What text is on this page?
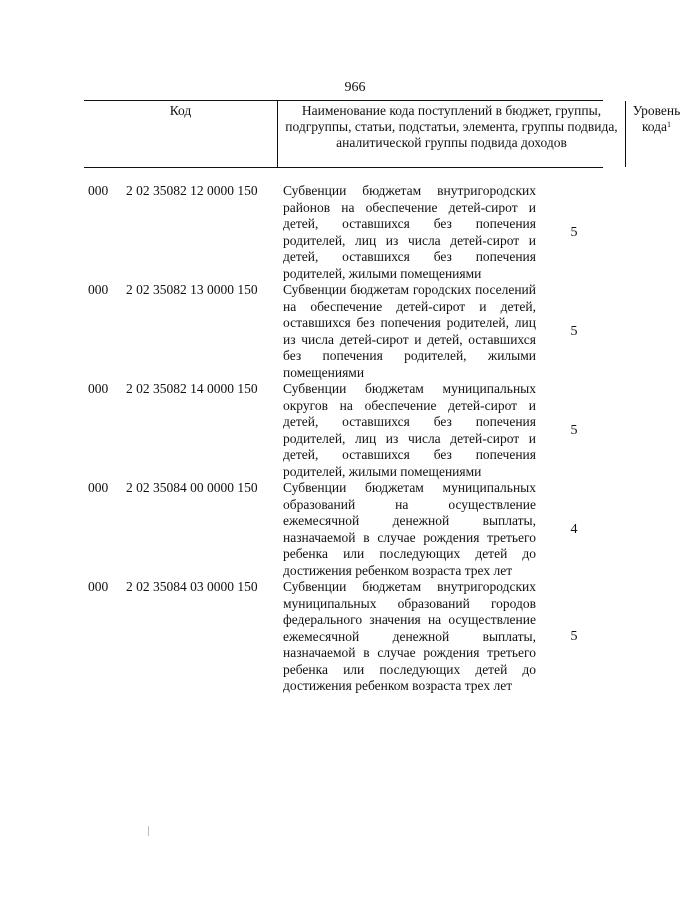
966
Код	Наименование кода поступлений в бюджет, группы, подгруппы, статьи, подстатьи, элемента, группы подвида, аналитической группы подвида доходов
Уровень кода$^1$
000 2 02 35082 12 0000 150 Субвенции бюджетам внутригородских районов на обеспечение детей-сирот и детей, оставшихся без попечения родителей, лиц из числа детей-сирот и детей, оставшихся без попечения родителей, жилыми помещениями
5
000 2 02 35082 13 0000 150 Субвенции бюджетам городских поселений на обеспечение детей-сирот и детей, оставшихся без попечения родителей, лиц из числа детей-сирот и детей, оставшихся без попечения родителей, жилыми помещениями
5
000 2 02 35082 14 0000 150 Субвенции бюджетам муниципальных округов на обеспечение детей-сирот и детей, оставшихся без попечения родителей, лиц из числа детей-сирот и детей, оставшихся без попечения родителей, жилыми помещениями
5
000 2 02 35084 00 0000 150 Субвенции бюджетам муниципальных образований на осуществление ежемесячной денежной выплаты, назначаемой в случае рождения третьего ребенка или последующих детей до достижения ребенком возраста трех лет
4
000 2 02 35084 03 0000 150 Субвенции бюджетам внутригородских муниципальных образований городов федерального значения на осуществление ежемесячной денежной выплаты, назначаемой в случае рождения третьего ребенка или последующих детей до достижения ребенком возраста трех лет
5
